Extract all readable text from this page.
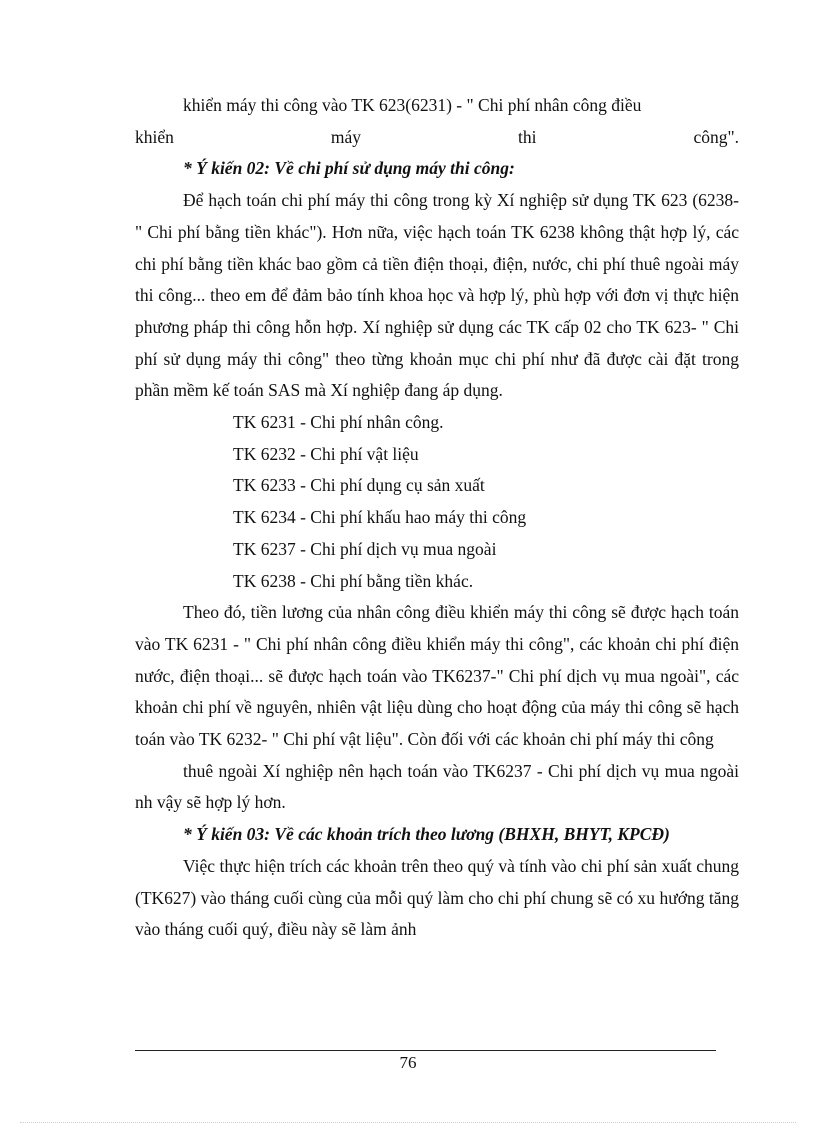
khiển máy thi công vào TK 623(6231) - " Chi phí nhân công điều

khiển máy thi công".

* Ý kiến 02: Về chi phí sử dụng máy thi công:

Để hạch toán chi phí máy thi công trong kỳ Xí nghiệp sử dụng TK 623 (6238- " Chi phí bằng tiền khác"). Hơn nữa, việc hạch toán TK 6238 không thật hợp lý, các chi phí bằng tiền khác bao gồm cả tiền điện thoại, điện, nước, chi phí thuê ngoài máy thi công... theo em để đảm bảo tính khoa học và hợp lý, phù hợp với đơn vị thực hiện phương pháp thi công hỗn hợp. Xí nghiệp sử dụng các TK cấp 02 cho TK 623- " Chi phí sử dụng máy thi công" theo từng khoản mục chi phí như đã được cài đặt trong phần mềm kế toán SAS mà Xí nghiệp đang áp dụng.

TK 6231 - Chi phí nhân công.
TK 6232 - Chi phí vật liệu
TK 6233 - Chi phí dụng cụ sản xuất
TK 6234 - Chi phí khấu hao máy thi công
TK 6237 - Chi phí dịch vụ mua ngoài
TK 6238 - Chi phí bằng tiền khác.

Theo đó, tiền lương của nhân công điều khiển máy thi công sẽ được hạch toán vào TK 6231 - " Chi phí nhân công điều khiển máy thi công", các khoản chi phí điện nước, điện thoại... sẽ được hạch toán vào TK6237-" Chi phí dịch vụ mua ngoài", các khoản chi phí về nguyên, nhiên vật liệu dùng cho hoạt động của máy thi công sẽ hạch toán vào TK 6232- " Chi phí vật liệu". Còn đối với các khoản chi phí máy thi công

thuê ngoài Xí nghiệp nên hạch toán vào TK6237 - Chi phí dịch vụ mua ngoài nh vậy sẽ hợp lý hơn.

* Ý kiến 03: Về các khoản trích theo lương (BHXH, BHYT, KPCĐ)

Việc thực hiện trích các khoản trên theo quý và tính vào chi phí sản xuất chung (TK627) vào tháng cuối cùng của mỗi quý làm cho chi phí chung sẽ có xu hướng tăng vào tháng cuối quý, điều này sẽ làm ảnh

76
